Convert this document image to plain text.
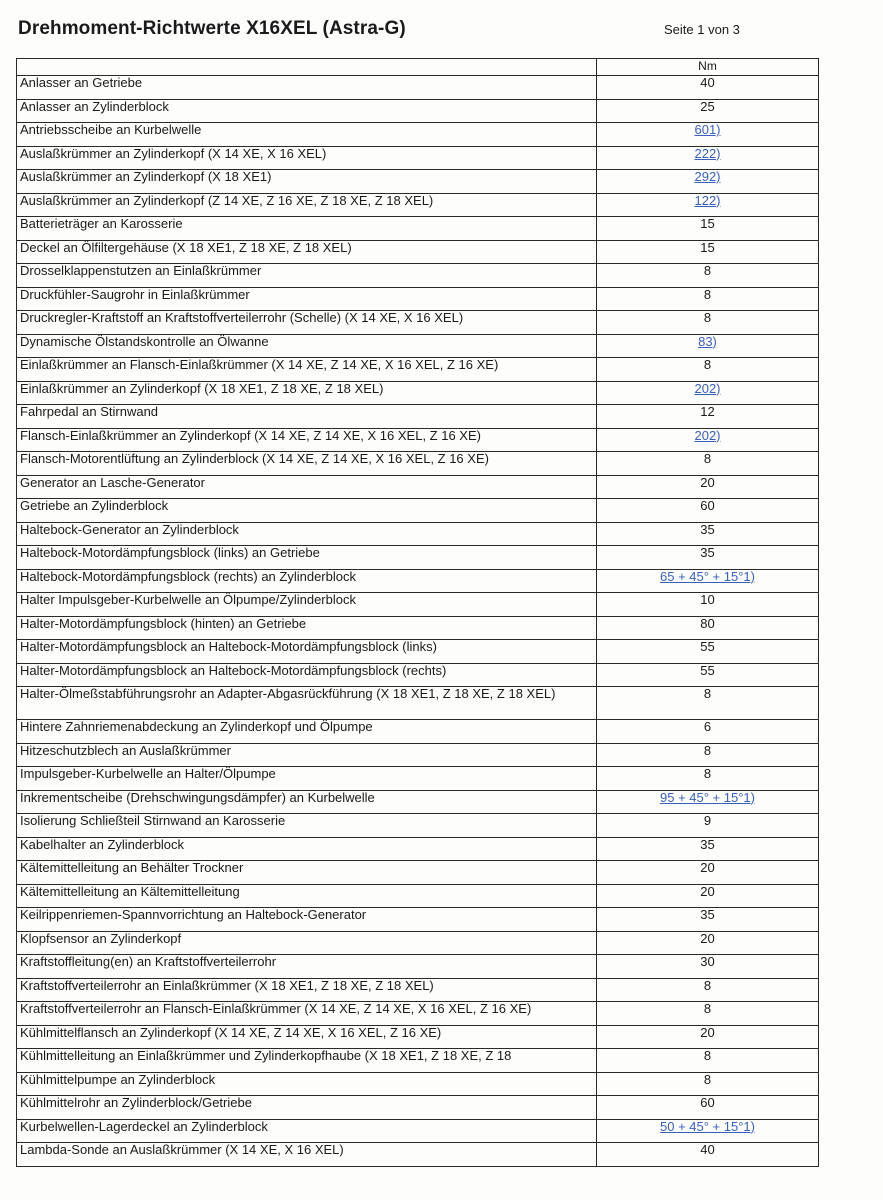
Drehmoment-Richtwerte X16XEL (Astra-G)	Seite 1 von 3
	Nm
Anlasser an Getriebe	40
Anlasser an Zylinderblock	25
Antriebsscheibe an Kurbelwelle	601)
Auslaßkrümmer an Zylinderkopf (X 14 XE, X 16 XEL)	222)
Auslaßkrümmer an Zylinderkopf (X 18 XE1)	292)
Auslaßkrümmer an Zylinderkopf (Z 14 XE, Z 16 XE, Z 18 XE, Z 18 XEL)	122)
Batterieträger an Karosserie	15
Deckel an Ölfiltergehäuse (X 18 XE1, Z 18 XE, Z 18 XEL)	15
Drosselklappenstutzen an Einlaßkrümmer	8
Druckfühler-Saugrohr in Einlaßkrümmer	8
Druckregler-Kraftstoff an Kraftstoffverteilerrohr (Schelle) (X 14 XE, X 16 XEL)	8
Dynamische Ölstandskontrolle an Ölwanne	83)
Einlaßkrümmer an Flansch-Einlaßkrümmer (X 14 XE, Z 14 XE, X 16 XEL, Z 16 XE)	8
Einlaßkrümmer an Zylinderkopf (X 18 XE1, Z 18 XE, Z 18 XEL)	202)
Fahrpedal an Stirnwand	12
Flansch-Einlaßkrümmer an Zylinderkopf (X 14 XE, Z 14 XE, X 16 XEL, Z 16 XE)	202)
Flansch-Motorentlüftung an Zylinderblock (X 14 XE, Z 14 XE, X 16 XEL, Z 16 XE)	8
Generator an Lasche-Generator	20
Getriebe an Zylinderblock	60
Haltebock-Generator an Zylinderblock	35
Haltebock-Motordämpfungsblock (links) an Getriebe	35
Haltebock-Motordämpfungsblock (rechts) an Zylinderblock	65 + 45° + 15°1)
Halter Impulsgeber-Kurbelwelle an Ölpumpe/Zylinderblock	10
Halter-Motordämpfungsblock (hinten) an Getriebe	80
Halter-Motordämpfungsblock an Haltebock-Motordämpfungsblock (links)	55
Halter-Motordämpfungsblock an Haltebock-Motordämpfungsblock (rechts)	55
Halter-Ölmeßstabführungsrohr an Adapter-Abgasrückführung (X 18 XE1, Z 18 XE, Z 18 XEL)	8
Hintere Zahnriemenabdeckung an Zylinderkopf und Ölpumpe	6
Hitzeschutzblech an Auslaßkrümmer	8
Impulsgeber-Kurbelwelle an Halter/Ölpumpe	8
Inkrementscheibe (Drehschwingungsdämpfer) an Kurbelwelle	95 + 45° + 15°1)
Isolierung Schließteil Stirnwand an Karosserie	9
Kabelhalter an Zylinderblock	35
Kältemittelleitung an Behälter Trockner	20
Kältemittelleitung an Kältemittelleitung	20
Keilrippenriemen-Spannvorrichtung an Haltebock-Generator	35
Klopfsensor an Zylinderkopf	20
Kraftstoffleitung(en) an Kraftstoffverteilerrohr	30
Kraftstoffverteilerrohr an Einlaßkrümmer (X 18 XE1, Z 18 XE, Z 18 XEL)	8
Kraftstoffverteilerrohr an Flansch-Einlaßkrümmer (X 14 XE, Z 14 XE, X 16 XEL, Z 16 XE)	8
Kühlmittelflansch an Zylinderkopf (X 14 XE, Z 14 XE, X 16 XEL, Z 16 XE)	20
Kühlmittelleitung an Einlaßkrümmer und Zylinderkopfhaube (X 18 XE1, Z 18 XE, Z 18	8
Kühlmittelpumpe an Zylinderblock	8
Kühlmittelrohr an Zylinderblock/Getriebe	60
Kurbelwellen-Lagerdeckel an Zylinderblock	50 + 45° + 15°1)
Lambda-Sonde an Auslaßkrümmer (X 14 XE, X 16 XEL)	40
